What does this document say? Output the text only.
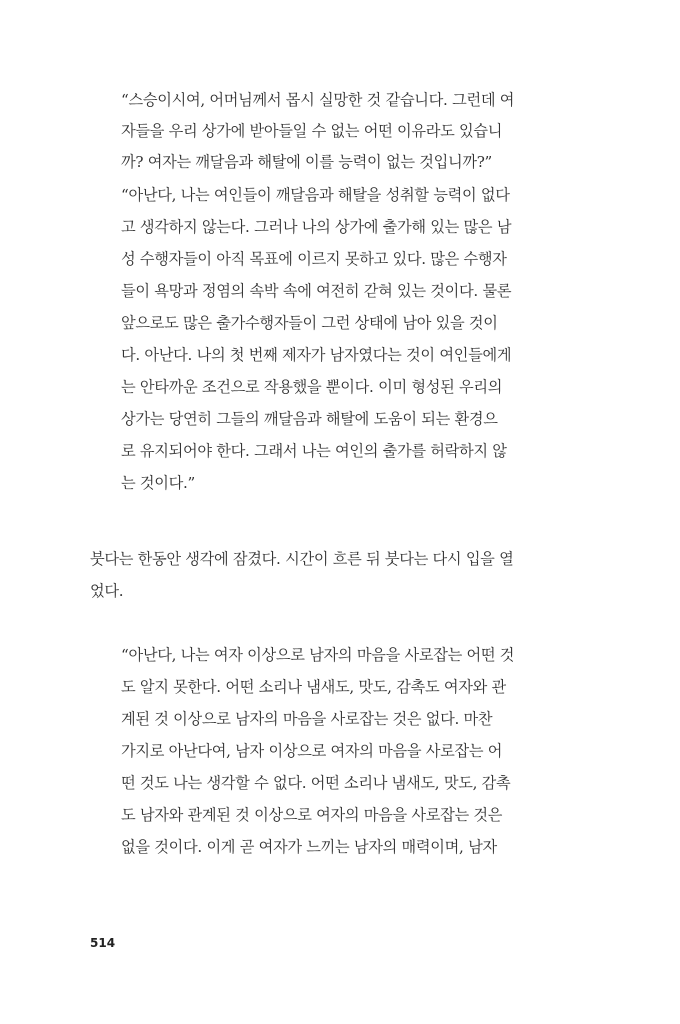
“스승이시여, 어머님께서 몹시 실망한 것 같습니다. 그런데 여
자들을 우리 상가에 받아들일 수 없는 어떤 이유라도 있습니
까? 여자는 깨달음과 해탈에 이를 능력이 없는 것입니까?”
“아난다, 나는 여인들이 깨달음과 해탈을 성취할 능력이 없다
고 생각하지 않는다. 그러나 나의 상가에 출가해 있는 많은 남
성 수행자들이 아직 목표에 이르지 못하고 있다. 많은 수행자
들이 욕망과 정염의 속박 속에 여전히 갇혀 있는 것이다. 물론
앞으로도 많은 출가수행자들이 그런 상태에 남아 있을 것이
다. 아난다. 나의 첫 번째 제자가 남자였다는 것이 여인들에게
는 안타까운 조건으로 작용했을 뿐이다. 이미 형성된 우리의
상가는 당연히 그들의 깨달음과 해탈에 도움이 되는 환경으
로 유지되어야 한다. 그래서 나는 여인의 출가를 허락하지 않
는 것이다.”
붓다는 한동안 생각에 잠겼다. 시간이 흐른 뒤 붓다는 다시 입을 열
었다.
“아난다, 나는 여자 이상으로 남자의 마음을 사로잡는 어떤 것
도 알지 못한다. 어떤 소리나 냄새도, 맛도, 감촉도 여자와 관
계된 것 이상으로 남자의 마음을 사로잡는 것은 없다. 마찬
가지로 아난다여, 남자 이상으로 여자의 마음을 사로잡는 어
떤 것도 나는 생각할 수 없다. 어떤 소리나 냄새도, 맛도, 감촉
도 남자와 관계된 것 이상으로 여자의 마음을 사로잡는 것은
없을 것이다. 이게 곧 여자가 느끼는 남자의 매력이며, 남자
514
